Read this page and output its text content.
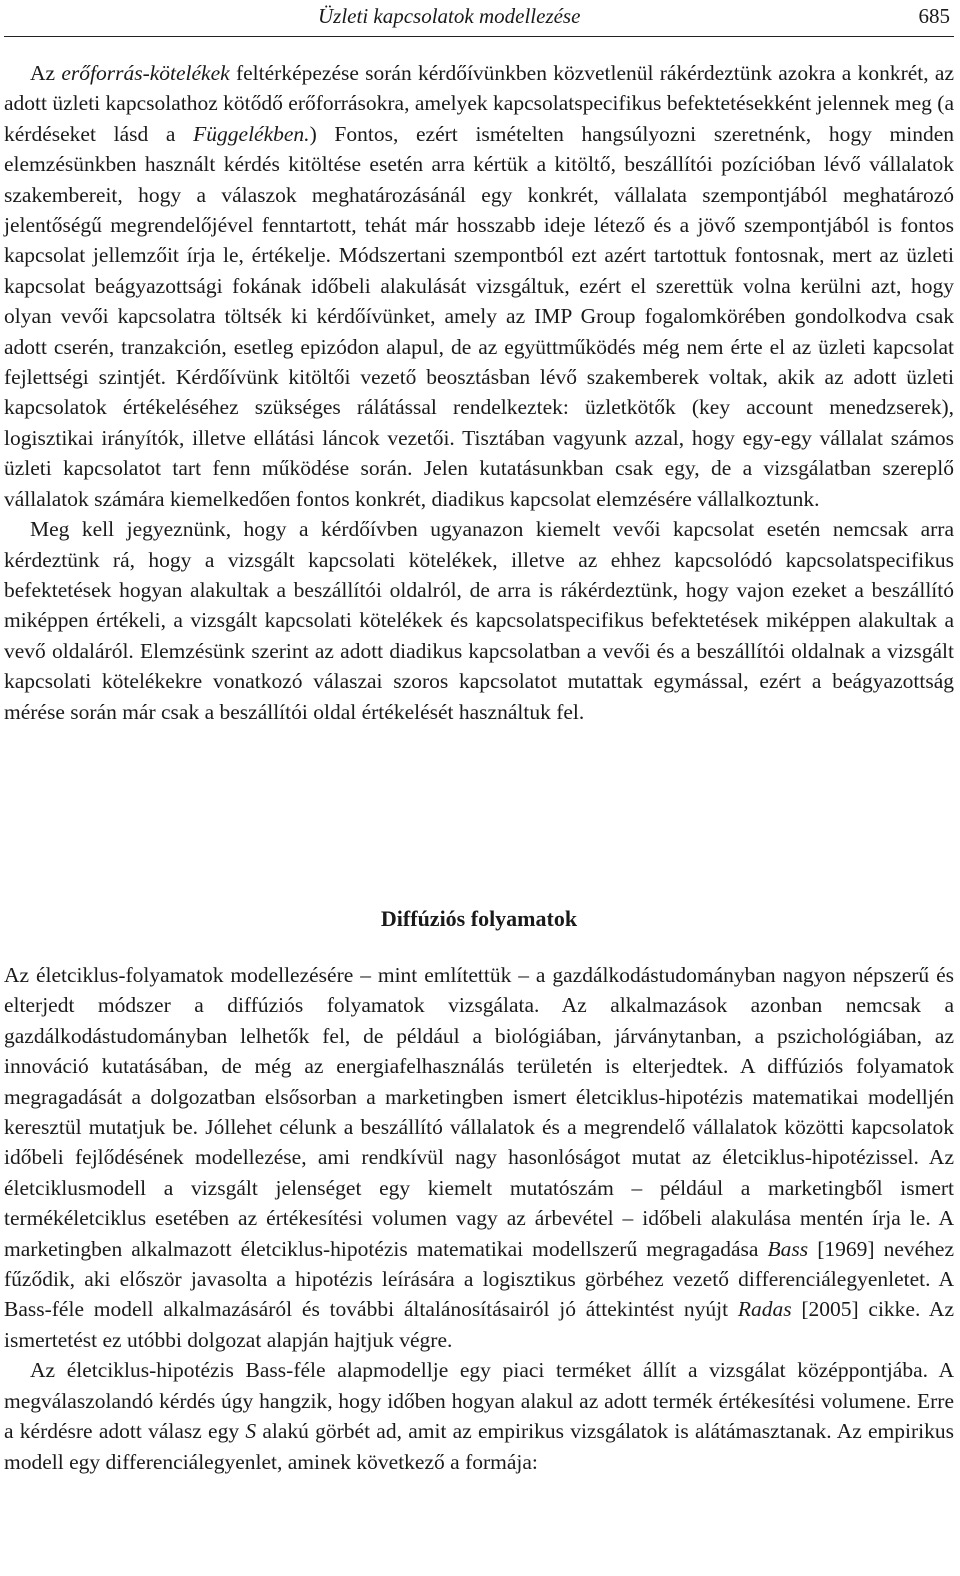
Üzleti kapcsolatok modellezése	685

Az erőforrás-kötelékek feltérképezése során kérdőívünkben közvetlenül rákérdeztünk azokra a konkrét, az adott üzleti kapcsolathoz kötődő erőforrásokra, amelyek kapcsolatspecifikus befektetésekként jelennek meg (a kérdéseket lásd a Függelékben.) Fontos, ezért ismételten hangsúlyozni szeretnénk, hogy minden elemzésünkben használt kérdés kitöltése esetén arra kértük a kitöltő, beszállítói pozícióban lévő vállalatok szakembereit, hogy a válaszok meghatározásánál egy konkrét, vállalata szempontjából meghatározó jelentőségű megrendelőjével fenntartott, tehát már hosszabb ideje létező és a jövő szempontjából is fontos kapcsolat jellemzőit írja le, értékelje. Módszertani szempontból ezt azért tartottuk fontosnak, mert az üzleti kapcsolat beágyazottsági fokának időbeli alakulását vizsgáltuk, ezért el szerettük volna kerülni azt, hogy olyan vevői kapcsolatra töltsék ki kérdőívünket, amely az IMP Group fogalomkörében gondolkodva csak adott cserén, tranzakción, esetleg epizódon alapul, de az együttműködés még nem érte el az üzleti kapcsolat fejlettségi szintjét. Kérdőívünk kitöltői vezető beosztásban lévő szakemberek voltak, akik az adott üzleti kapcsolatok értékeléséhez szükséges rálátással rendelkeztek: üzletkötők (key account menedzserek), logisztikai irányítók, illetve ellátási láncok vezetői. Tisztában vagyunk azzal, hogy egy-egy vállalat számos üzleti kapcsolatot tart fenn működése során. Jelen kutatásunkban csak egy, de a vizsgálatban szereplő vállalatok számára kiemelkedően fontos konkrét, diadikus kapcsolat elemzésére vállalkoztunk.

Meg kell jegyeznünk, hogy a kérdőívben ugyanazon kiemelt vevői kapcsolat esetén nemcsak arra kérdeztünk rá, hogy a vizsgált kapcsolati kötelékek, illetve az ehhez kapcsolódó kapcsolatspecifikus befektetések hogyan alakultak a beszállítói oldalról, de arra is rákérdeztünk, hogy vajon ezeket a beszállító miképpen értékeli, a vizsgált kapcsolati kötelékek és kapcsolatspecifikus befektetések miképpen alakultak a vevő oldaláról. Elemzésünk szerint az adott diadikus kapcsolatban a vevői és a beszállítói oldalnak a vizsgált kapcsolati kötelékekre vonatkozó válaszai szoros kapcsolatot mutattak egymással, ezért a beágyazottság mérése során már csak a beszállítói oldal értékelését használtuk fel.

Diffúziós folyamatok

Az életciklus-folyamatok modellezésére – mint említettük – a gazdálkodástudományban nagyon népszerű és elterjedt módszer a diffúziós folyamatok vizsgálata. Az alkalmazások azonban nemcsak a gazdálkodástudományban lelhetők fel, de például a biológiában, járványtanban, a pszichológiában, az innováció kutatásában, de még az energiafelhasználás területén is elterjedtek. A diffúziós folyamatok megragadását a dolgozatban elsősorban a marketingben ismert életciklus-hipotézis matematikai modelljén keresztül mutatjuk be. Jóllehet célunk a beszállító vállalatok és a megrendelő vállalatok közötti kapcsolatok időbeli fejlődésének modellezése, ami rendkívül nagy hasonlóságot mutat az életciklus-hipotézissel. Az életciklusmodell a vizsgált jelenséget egy kiemelt mutatószám – például a marketingből ismert termékéletciklus esetében az értékesítési volumen vagy az árbevétel – időbeli alakulása mentén írja le. A marketingben alkalmazott életciklus-hipotézis matematikai modellszerű megragadása Bass [1969] nevéhez fűződik, aki először javasolta a hipotézis leírására a logisztikus görbéhez vezető differenciálegyenletet. A Bass-féle modell alkalmazásáról és további általánosításairól jó áttekintést nyújt Radas [2005] cikke. Az ismertetést ez utóbbi dolgozat alapján hajtjuk végre.

Az életciklus-hipotézis Bass-féle alapmodellje egy piaci terméket állít a vizsgálat középpontjába. A megválaszolandó kérdés úgy hangzik, hogy időben hogyan alakul az adott termék értékesítési volumene. Erre a kérdésre adott válasz egy S alakú görbét ad, amit az empirikus vizsgálatok is alátámasztanak. Az empirikus modell egy differenciálegyenlet, aminek következő a formája:
